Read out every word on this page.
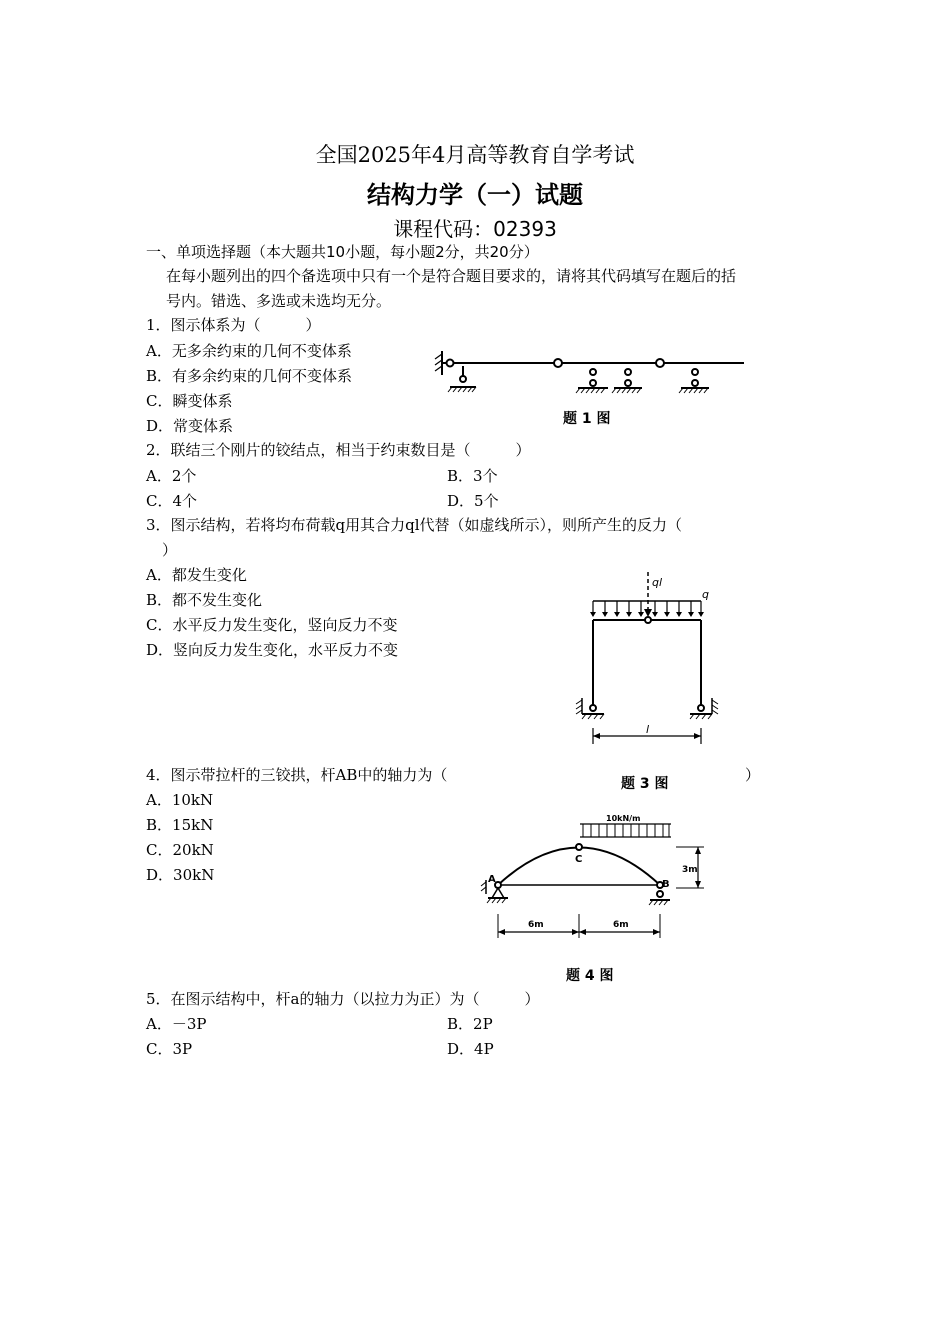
全国2025年4月高等教育自学考试
结构力学（一）试题
课程代码：02393
一、单项选择题（本大题共10小题，每小题2分，共20分）
在每小题列出的四个备选项中只有一个是符合题目要求的，请将其代码填写在题后的括
号内。错选、多选或未选均无分。
1．图示体系为（　　　）
A．无多余约束的几何不变体系
B．有多余约束的几何不变体系
C．瞬变体系
D．常变体系	题 1 图
2．联结三个刚片的铰结点，相当于约束数目是（　　　）
A．2个	B．3个
C．4个	D．5个
3．图示结构，若将均布荷载q用其合力ql代替（如虚线所示），则所产生的反力（
）
A．都发生变化
B．都不发生变化
C．水平反力发生变化，竖向反力不变
D．竖向反力发生变化，水平反力不变
ql
q
l
4．图示带拉杆的三铰拱，杆AB中的轴力为（	题 3 图	）
A．10kN
B．15kN
C．20kN
D．30kN
10kN/m
C
A	B
3m
6m	6m
题 4 图
5．在图示结构中，杆a的轴力（以拉力为正）为（　　　）
A．－3P	B．2P
C．3P	D．4P
